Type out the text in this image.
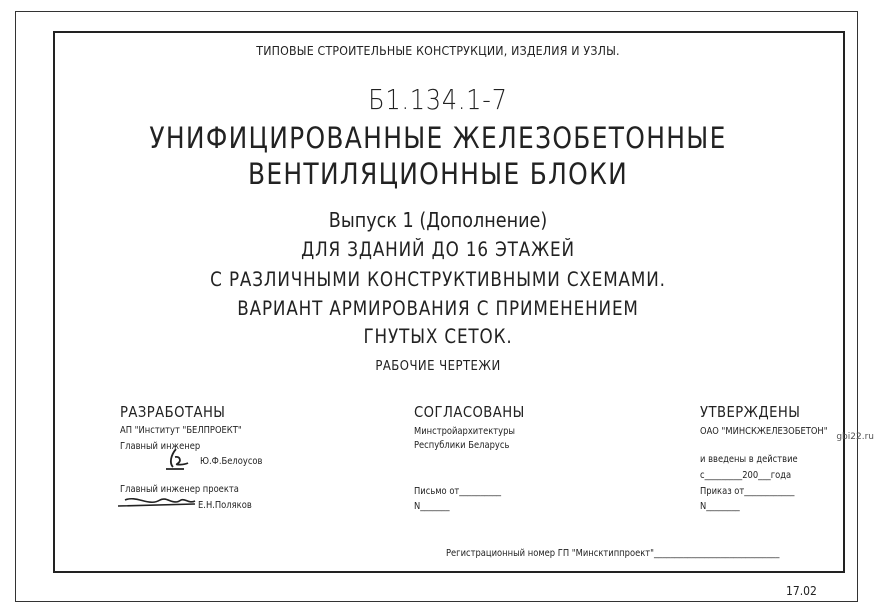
ТИПОВЫЕ СТРОИТЕЛЬНЫЕ КОНСТРУКЦИИ, ИЗДЕЛИЯ И УЗЛЫ.
Б1.134.1-7
УНИФИЦИРОВАННЫЕ ЖЕЛЕЗОБЕТОННЫЕ
ВЕНТИЛЯЦИОННЫЕ БЛОКИ
Выпуск 1 (Дополнение)
ДЛЯ ЗДАНИЙ ДО 16 ЭТАЖЕЙ
С РАЗЛИЧНЫМИ КОНСТРУКТИВНЫМИ СХЕМАМИ.
ВАРИАНТ АРМИРОВАНИЯ С ПРИМЕНЕНИЕМ
ГНУТЫХ СЕТОК.
РАБОЧИЕ ЧЕРТЕЖИ
РАЗРАБОТАНЫ
АП "Институт "БЕЛПРОЕКТ"
Главный инженер
Ю.Ф.Белоусов
Главный инженер проекта
Е.Н.Поляков
СОГЛАСОВАНЫ
Минстройархитектуры
Республики Беларусь
Письмо от__________
N_______
УТВЕРЖДЕНЫ
ОАО "МИНСКЖЕЛЕЗОБЕТОН"
и введены в действие
с_________200___года
Приказ от____________
N________
Регистрационный номер ГП "Минсктиппроект"______________________________
gbi22.ru
17.02
